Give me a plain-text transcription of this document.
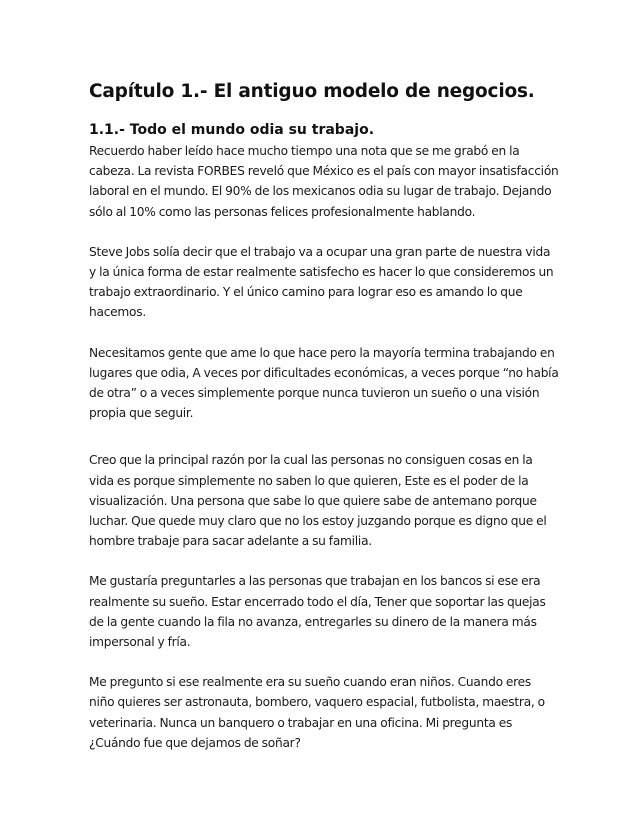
Capítulo 1.- El antiguo modelo de negocios.
1.1.- Todo el mundo odia su trabajo.

Recuerdo haber leído hace mucho tiempo una nota que se me grabó en la cabeza. La revista FORBES reveló que México es el país con mayor insatisfacción laboral en el mundo. El 90% de los mexicanos odia su lugar de trabajo. Dejando sólo al 10% como las personas felices profesionalmente hablando.

Steve Jobs solía decir que el trabajo va a ocupar una gran parte de nuestra vida y la única forma de estar realmente satisfecho es hacer lo que consideremos un trabajo extraordinario. Y el único camino para lograr eso es amando lo que hacemos.

Necesitamos gente que ame lo que hace pero la mayoría termina trabajando en lugares que odia, A veces por dificultades económicas, a veces porque “no había de otra” o a veces simplemente porque nunca tuvieron un sueño o una visión propia que seguir.

Creo que la principal razón por la cual las personas no consiguen cosas en la vida es porque simplemente no saben lo que quieren, Este es el poder de la visualización. Una persona que sabe lo que quiere sabe de antemano porque luchar. Que quede muy claro que no los estoy juzgando porque es digno que el hombre trabaje para sacar adelante a su familia.

Me gustaría preguntarles a las personas que trabajan en los bancos si ese era realmente su sueño. Estar encerrado todo el día, Tener que soportar las quejas de la gente cuando la fila no avanza, entregarles su dinero de la manera más impersonal y fría.

Me pregunto si ese realmente era su sueño cuando eran niños. Cuando eres niño quieres ser astronauta, bombero, vaquero espacial, futbolista, maestra, o veterinaria. Nunca un banquero o trabajar en una oficina. Mi pregunta es ¿Cuándo fue que dejamos de soñar?
